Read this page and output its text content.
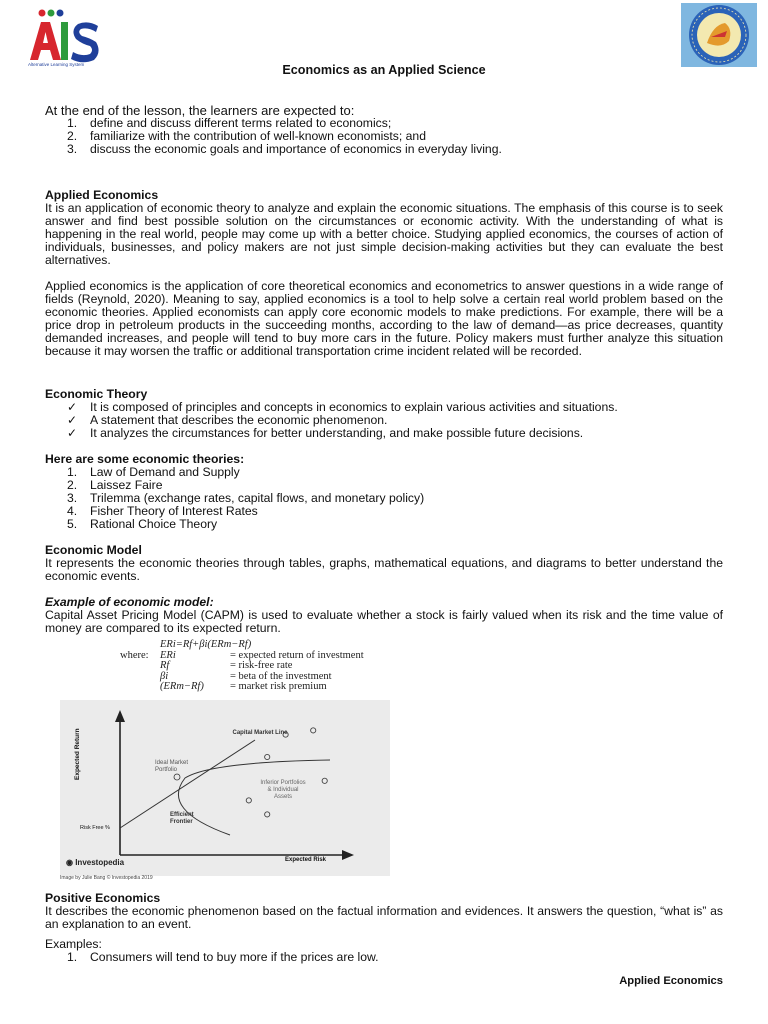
Alternative Learning System	Economics as an Applied Science
At the end of the lesson, the learners are expected to:
1.	define and discuss different terms related to economics;
2.	familiarize with the contribution of well-known economists; and
3.	discuss the economic goals and importance of economics in everyday living.
Applied Economics
It is an application of economic theory to analyze and explain the economic situations. The emphasis of this course is to seek answer and find best possible solution on the circumstances or economic activity. With the understanding of what is happening in the real world, people may come up with a better choice. Studying applied economics, the courses of action of individuals, businesses, and policy makers are not just simple decision-making activities but they can evaluate the best alternatives.
Applied economics is the application of core theoretical economics and econometrics to answer questions in a wide range of fields (Reynold, 2020). Meaning to say, applied economics is a tool to help solve a certain real world problem based on the economic theories. Applied economists can apply core economic models to make predictions. For example, there will be a price drop in petroleum products in the succeeding months, according to the law of demand—as price decreases, quantity demanded increases, and people will tend to buy more cars in the future. Policy makers must further analyze this situation because it may worsen the traffic or additional transportation crime incident related will be recorded.
Economic Theory
✓	It is composed of principles and concepts in economics to explain various activities and situations.
✓	A statement that describes the economic phenomenon.
✓	It analyzes the circumstances for better understanding, and make possible future decisions.
Here are some economic theories:
1.	Law of Demand and Supply
2.	Laissez Faire
3.	Trilemma (exchange rates, capital flows, and monetary policy)
4.	Fisher Theory of Interest Rates
5.	Rational Choice Theory
Economic Model
It represents the economic theories through tables, graphs, mathematical equations, and diagrams to better understand the economic events.
Example of economic model:
Capital Asset Pricing Model (CAPM) is used to evaluate whether a stock is fairly valued when its risk and the time value of money are compared to its expected return.
ERi=Rf+βi(ERm−Rf)
where:	ERi	= expected return of investment
Rf	= risk-free rate
βi	= beta of the investment
(ERm−Rf)	= market risk premium
Expected Return
Risk Free %
Capital Market Line
Ideal Market Portfolio
Inferior Portfolios & Individual Assets
Efficient Frontier
Expected Risk
◉ Investopedia
Image by Julie Bang © Investopedia 2019
Positive Economics
It describes the economic phenomenon based on the factual information and evidences. It answers the question, “what is” as an explanation to an event.
Examples:
1.	Consumers will tend to buy more if the prices are low.
Applied Economics
